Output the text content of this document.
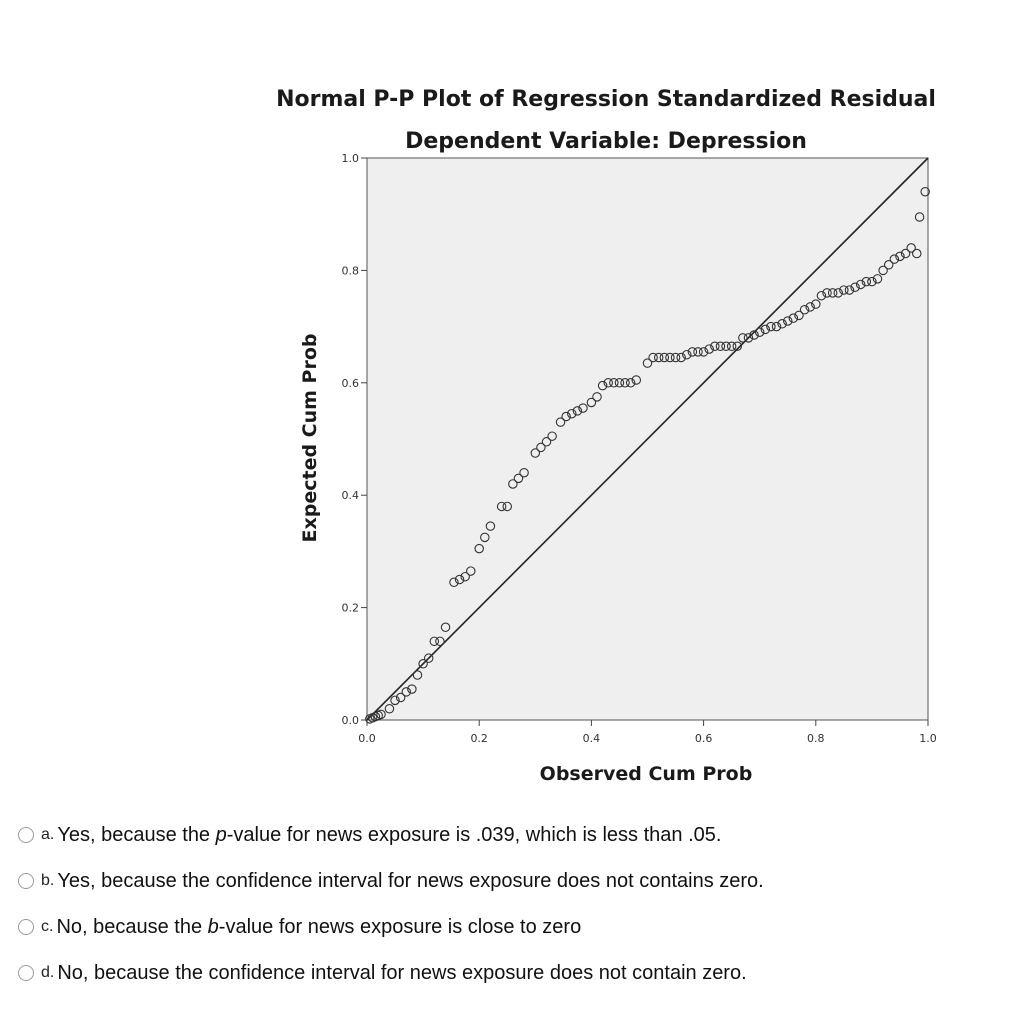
Normal P-P Plot of Regression Standardized Residual
Dependent Variable: Depression
0.0
0.2
0.4
0.6
0.8
1.0
0.0	0.2	0.4	0.6	0.8	1.0
Observed Cum Prob
Expected Cum Prob
a. Yes, because the p-value for news exposure is .039, which is less than .05.
b. Yes, because the confidence interval for news exposure does not contains zero.
c. No, because the b-value for news exposure is close to zero
d. No, because the confidence interval for news exposure does not contain zero.
